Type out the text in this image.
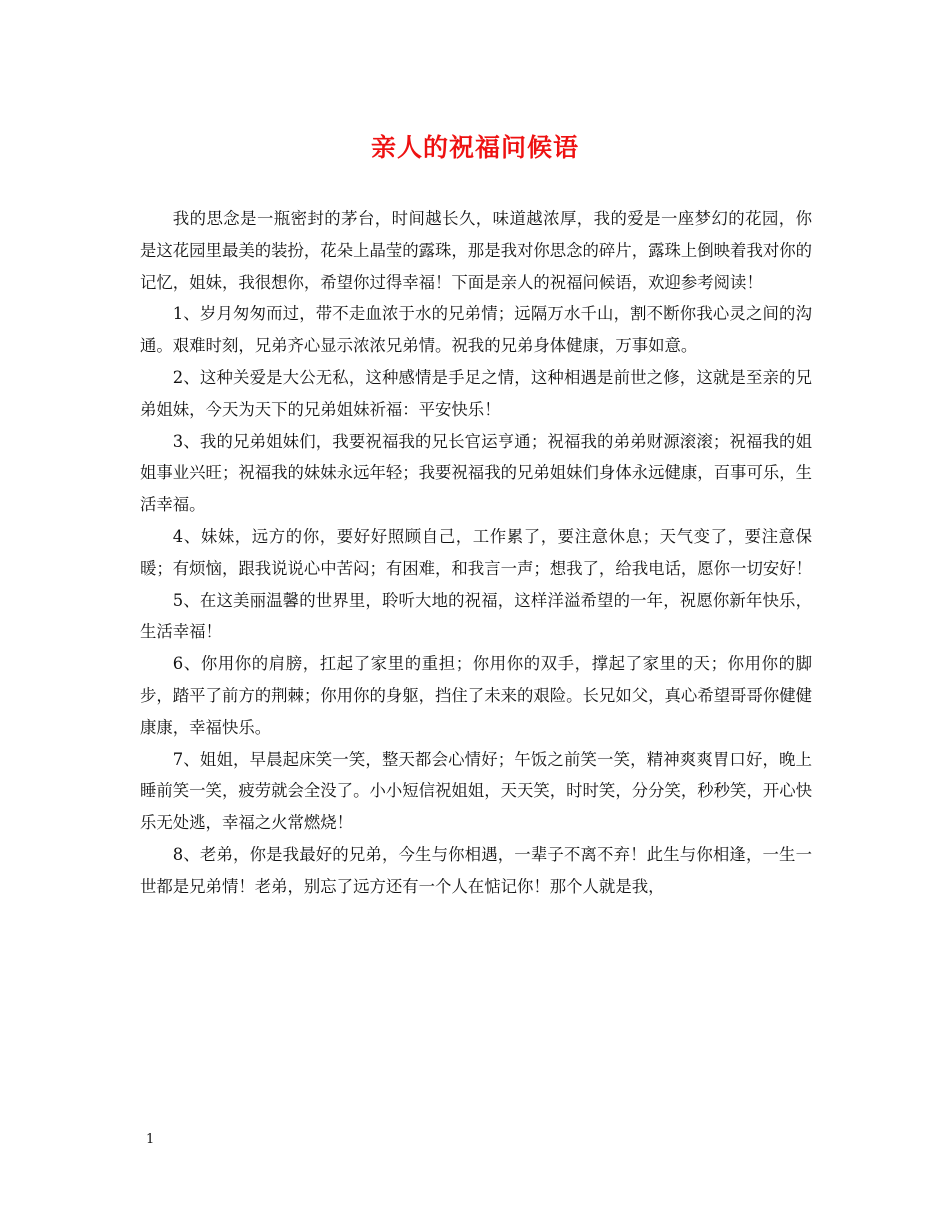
亲人的祝福问候语

我的思念是一瓶密封的茅台，时间越长久，味道越浓厚，我的爱是一座梦幻的花园，你是这花园里最美的装扮，花朵上晶莹的露珠，那是我对你思念的碎片，露珠上倒映着我对你的记忆，姐妹，我很想你，希望你过得幸福！下面是亲人的祝福问候语，欢迎参考阅读！

1、岁月匆匆而过，带不走血浓于水的兄弟情；远隔万水千山，割不断你我心灵之间的沟通。艰难时刻，兄弟齐心显示浓浓兄弟情。祝我的兄弟身体健康，万事如意。

2、这种关爱是大公无私，这种感情是手足之情，这种相遇是前世之修，这就是至亲的兄弟姐妹，今天为天下的兄弟姐妹祈福：平安快乐！

3、我的兄弟姐妹们，我要祝福我的兄长官运亨通；祝福我的弟弟财源滚滚；祝福我的姐姐事业兴旺；祝福我的妹妹永远年轻；我要祝福我的兄弟姐妹们身体永远健康，百事可乐，生活幸福。

4、妹妹，远方的你，要好好照顾自己，工作累了，要注意休息；天气变了，要注意保暖；有烦恼，跟我说说心中苦闷；有困难，和我言一声；想我了，给我电话，愿你一切安好！

5、在这美丽温馨的世界里，聆听大地的祝福，这样洋溢希望的一年，祝愿你新年快乐，生活幸福！

6、你用你的肩膀，扛起了家里的重担；你用你的双手，撑起了家里的天；你用你的脚步，踏平了前方的荆棘；你用你的身躯，挡住了未来的艰险。长兄如父，真心希望哥哥你健健康康，幸福快乐。

7、姐姐，早晨起床笑一笑，整天都会心情好；午饭之前笑一笑，精神爽爽胃口好，晚上睡前笑一笑，疲劳就会全没了。小小短信祝姐姐，天天笑，时时笑，分分笑，秒秒笑，开心快乐无处逃，幸福之火常燃烧！

8、老弟，你是我最好的兄弟，今生与你相遇，一辈子不离不弃！此生与你相逢，一生一世都是兄弟情！老弟，别忘了远方还有一个人在惦记你！那个人就是我，

1
